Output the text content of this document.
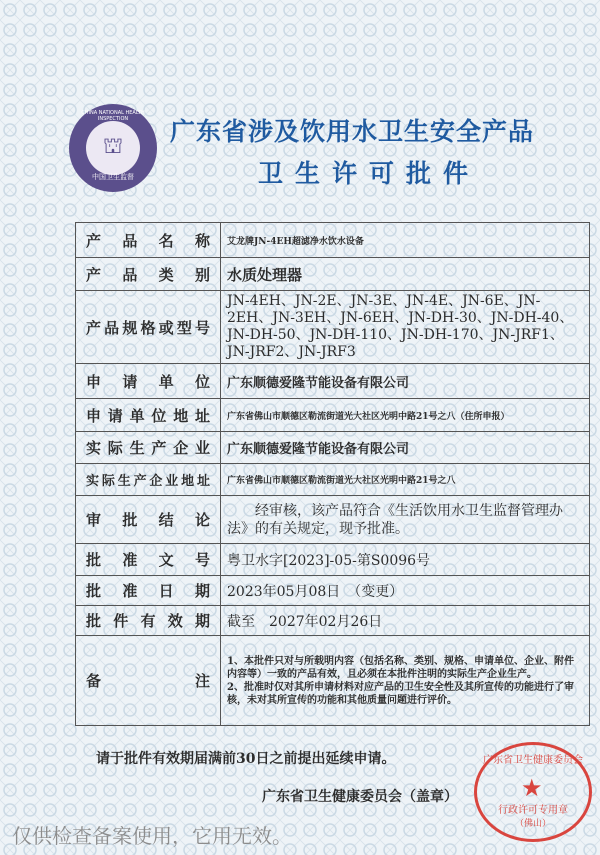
CHINA NATIONAL HEALTH INSPECTION
⛫
中国卫生监督
广东省涉及饮用水卫生安全产品
卫生许可批件
产品名称	艾龙牌JN-4EH超滤净水饮水设备
产品类别	水质处理器
产品规格或型号	JN-4EH、JN-2E、JN-3E、JN-4E、JN-6E、JN-2EH、JN-3EH、JN-6EH、JN-DH-30、JN-DH-40、JN-DH-50、JN-DH-110、JN-DH-170、JN-JRF1、JN-JRF2、JN-JRF3
申请单位	广东顺德爱隆节能设备有限公司
申请单位地址	广东省佛山市顺德区勒流街道光大社区光明中路21号之八（住所申报）
实际生产企业	广东顺德爱隆节能设备有限公司
实际生产企业地址	广东省佛山市顺德区勒流街道光大社区光明中路21号之八
审批结论	经审核，该产品符合《生活饮用水卫生监督管理办法》的有关规定，现予批准。
批准文号	粤卫水字[2023]-05-第S0096号
批准日期	2023年05月08日　（变更）
批件有效期	截至　2027年02月26日
备注	1、本批件只对与所载明内容（包括名称、类别、规格、申请单位、企业、附件内容等）一致的产品有效，且必须在本批件注明的实际生产企业生产。
2、批准时仅对其所申请材料对应产品的卫生安全性及其所宣传的功能进行了审核，未对其所宣传的功能和其他质量问题进行评价。
请于批件有效期届满前30日之前提出延续申请。
广东省卫生健康委员会（盖章）
广东省卫生健康委员会
★
行政许可专用章
（佛山）
仅供检查备案使用，它用无效。
